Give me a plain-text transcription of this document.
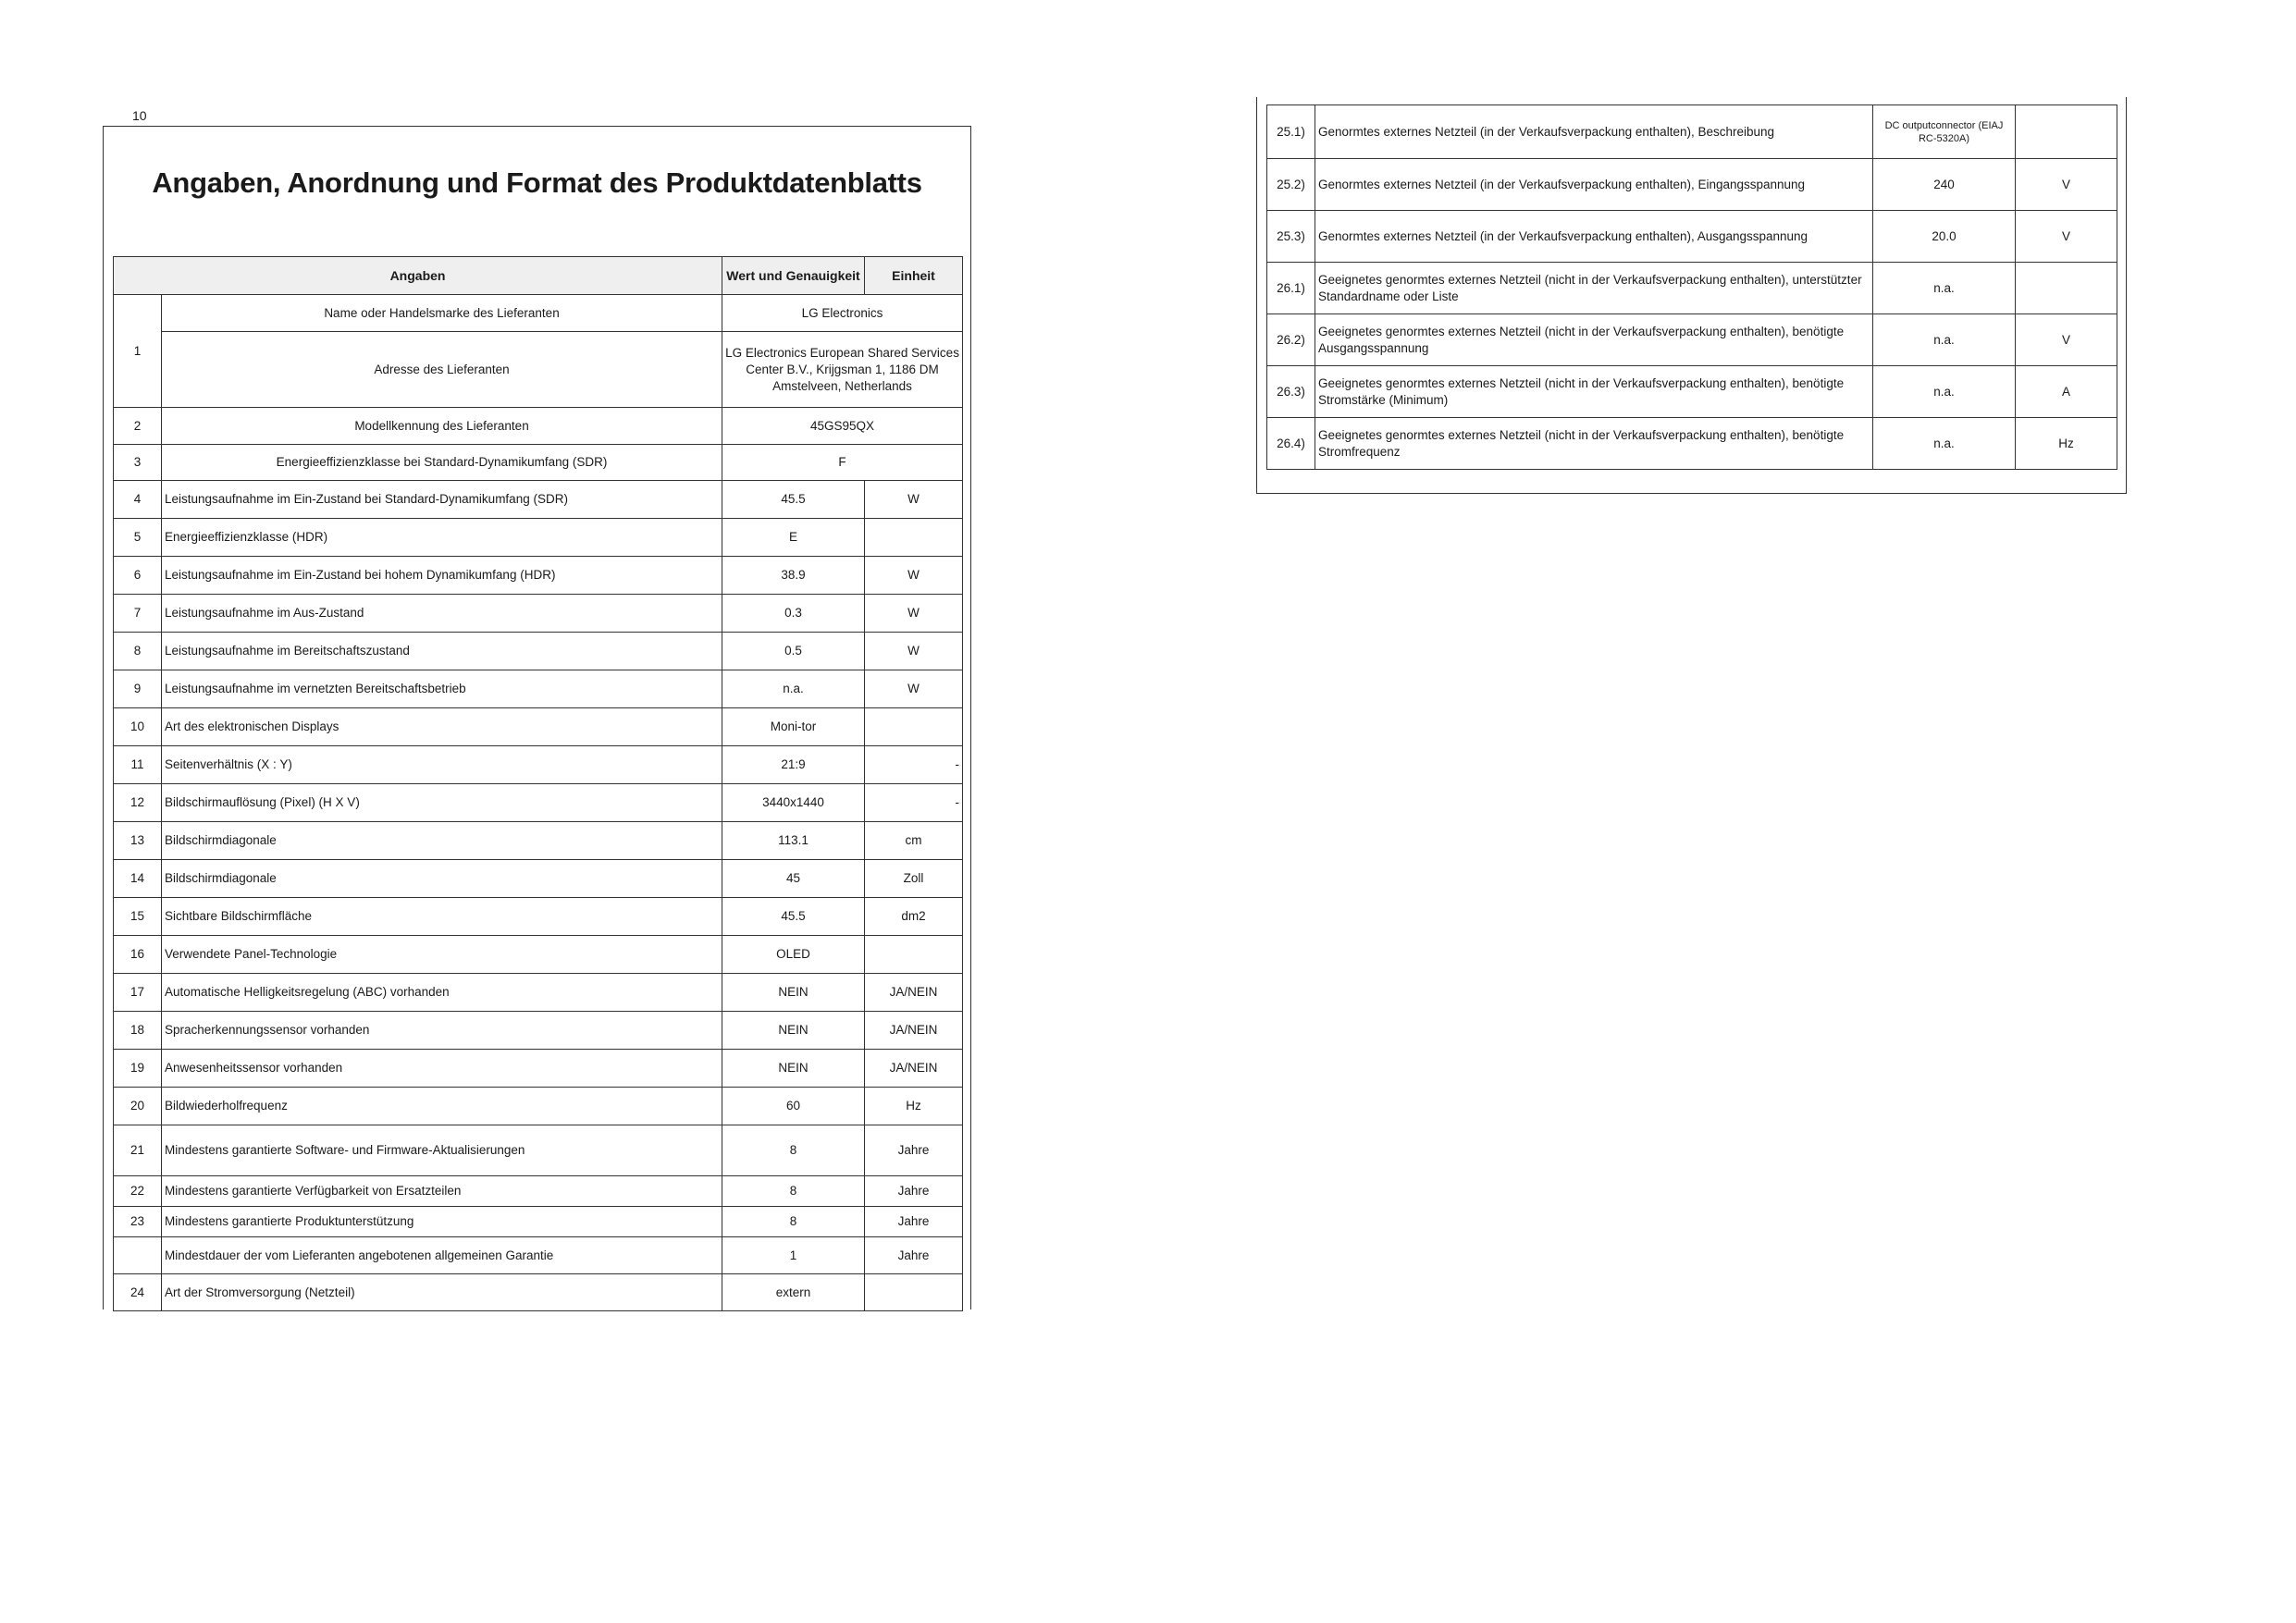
10
Angaben, Anordnung und Format des Produktdatenblatts
Angaben		Wert und Genauigkeit	Einheit
1	Name oder Handelsmarke des Lieferanten	LG Electronics	
	Adresse des Lieferanten	LG Electronics European Shared Services Center B.V., Krijgsman 1, 1186 DM Amstelveen, Netherlands	
2	Modellkennung des Lieferanten	45GS95QX	
3	Energieeffizienzklasse bei Standard-Dynamikumfang (SDR)	F	
4	Leistungsaufnahme im Ein-Zustand bei Standard-Dynamikumfang (SDR)	45.5	W
5	Energieeffizienzklasse (HDR)	E	
6	Leistungsaufnahme im Ein-Zustand bei hohem Dynamikumfang (HDR)	38.9	W
7	Leistungsaufnahme im Aus-Zustand	0.3	W
8	Leistungsaufnahme im Bereitschaftszustand	0.5	W
9	Leistungsaufnahme im vernetzten Bereitschaftsbetrieb	n.a.	W
10	Art des elektronischen Displays	Moni-tor	
11	Seitenverhältnis (X : Y)	21:9	-
12	Bildschirmauflösung (Pixel) (H X V)	3440x1440	-
13	Bildschirmdiagonale	113.1	cm
14	Bildschirmdiagonale	45	Zoll
15	Sichtbare Bildschirmfläche	45.5	dm2
16	Verwendete Panel-Technologie	OLED	
17	Automatische Helligkeitsregelung (ABC) vorhanden	NEIN	JA/NEIN
18	Spracherkennungssensor vorhanden	NEIN	JA/NEIN
19	Anwesenheitssensor vorhanden	NEIN	JA/NEIN
20	Bildwiederholfrequenz	60	Hz
21	Mindestens garantierte Software- und Firmware-Aktualisierungen	8	Jahre
22	Mindestens garantierte Verfügbarkeit von Ersatzteilen	8	Jahre
23	Mindestens garantierte Produktunterstützung	8	Jahre
	Mindestdauer der vom Lieferanten angebotenen allgemeinen Garantie	1	Jahre
24	Art der Stromversorgung (Netzteil)	extern	
25.1)	Genormtes externes Netzteil (in der Verkaufsverpackung enthalten), Beschreibung	DC outputconnector (EIAJ RC-5320A)	
25.2)	Genormtes externes Netzteil (in der Verkaufsverpackung enthalten), Eingangsspannung	240	V
25.3)	Genormtes externes Netzteil (in der Verkaufsverpackung enthalten), Ausgangsspannung	20.0	V
26.1)	Geeignetes genormtes externes Netzteil (nicht in der Verkaufsverpackung enthalten), unterstützter Standardname oder Liste	n.a.	
26.2)	Geeignetes genormtes externes Netzteil (nicht in der Verkaufsverpackung enthalten), benötigte Ausgangsspannung	n.a.	V
26.3)	Geeignetes genormtes externes Netzteil (nicht in der Verkaufsverpackung enthalten), benötigte Stromstärke (Minimum)	n.a.	A
26.4)	Geeignetes genormtes externes Netzteil (nicht in der Verkaufsverpackung enthalten), benötigte Stromfrequenz	n.a.	Hz
